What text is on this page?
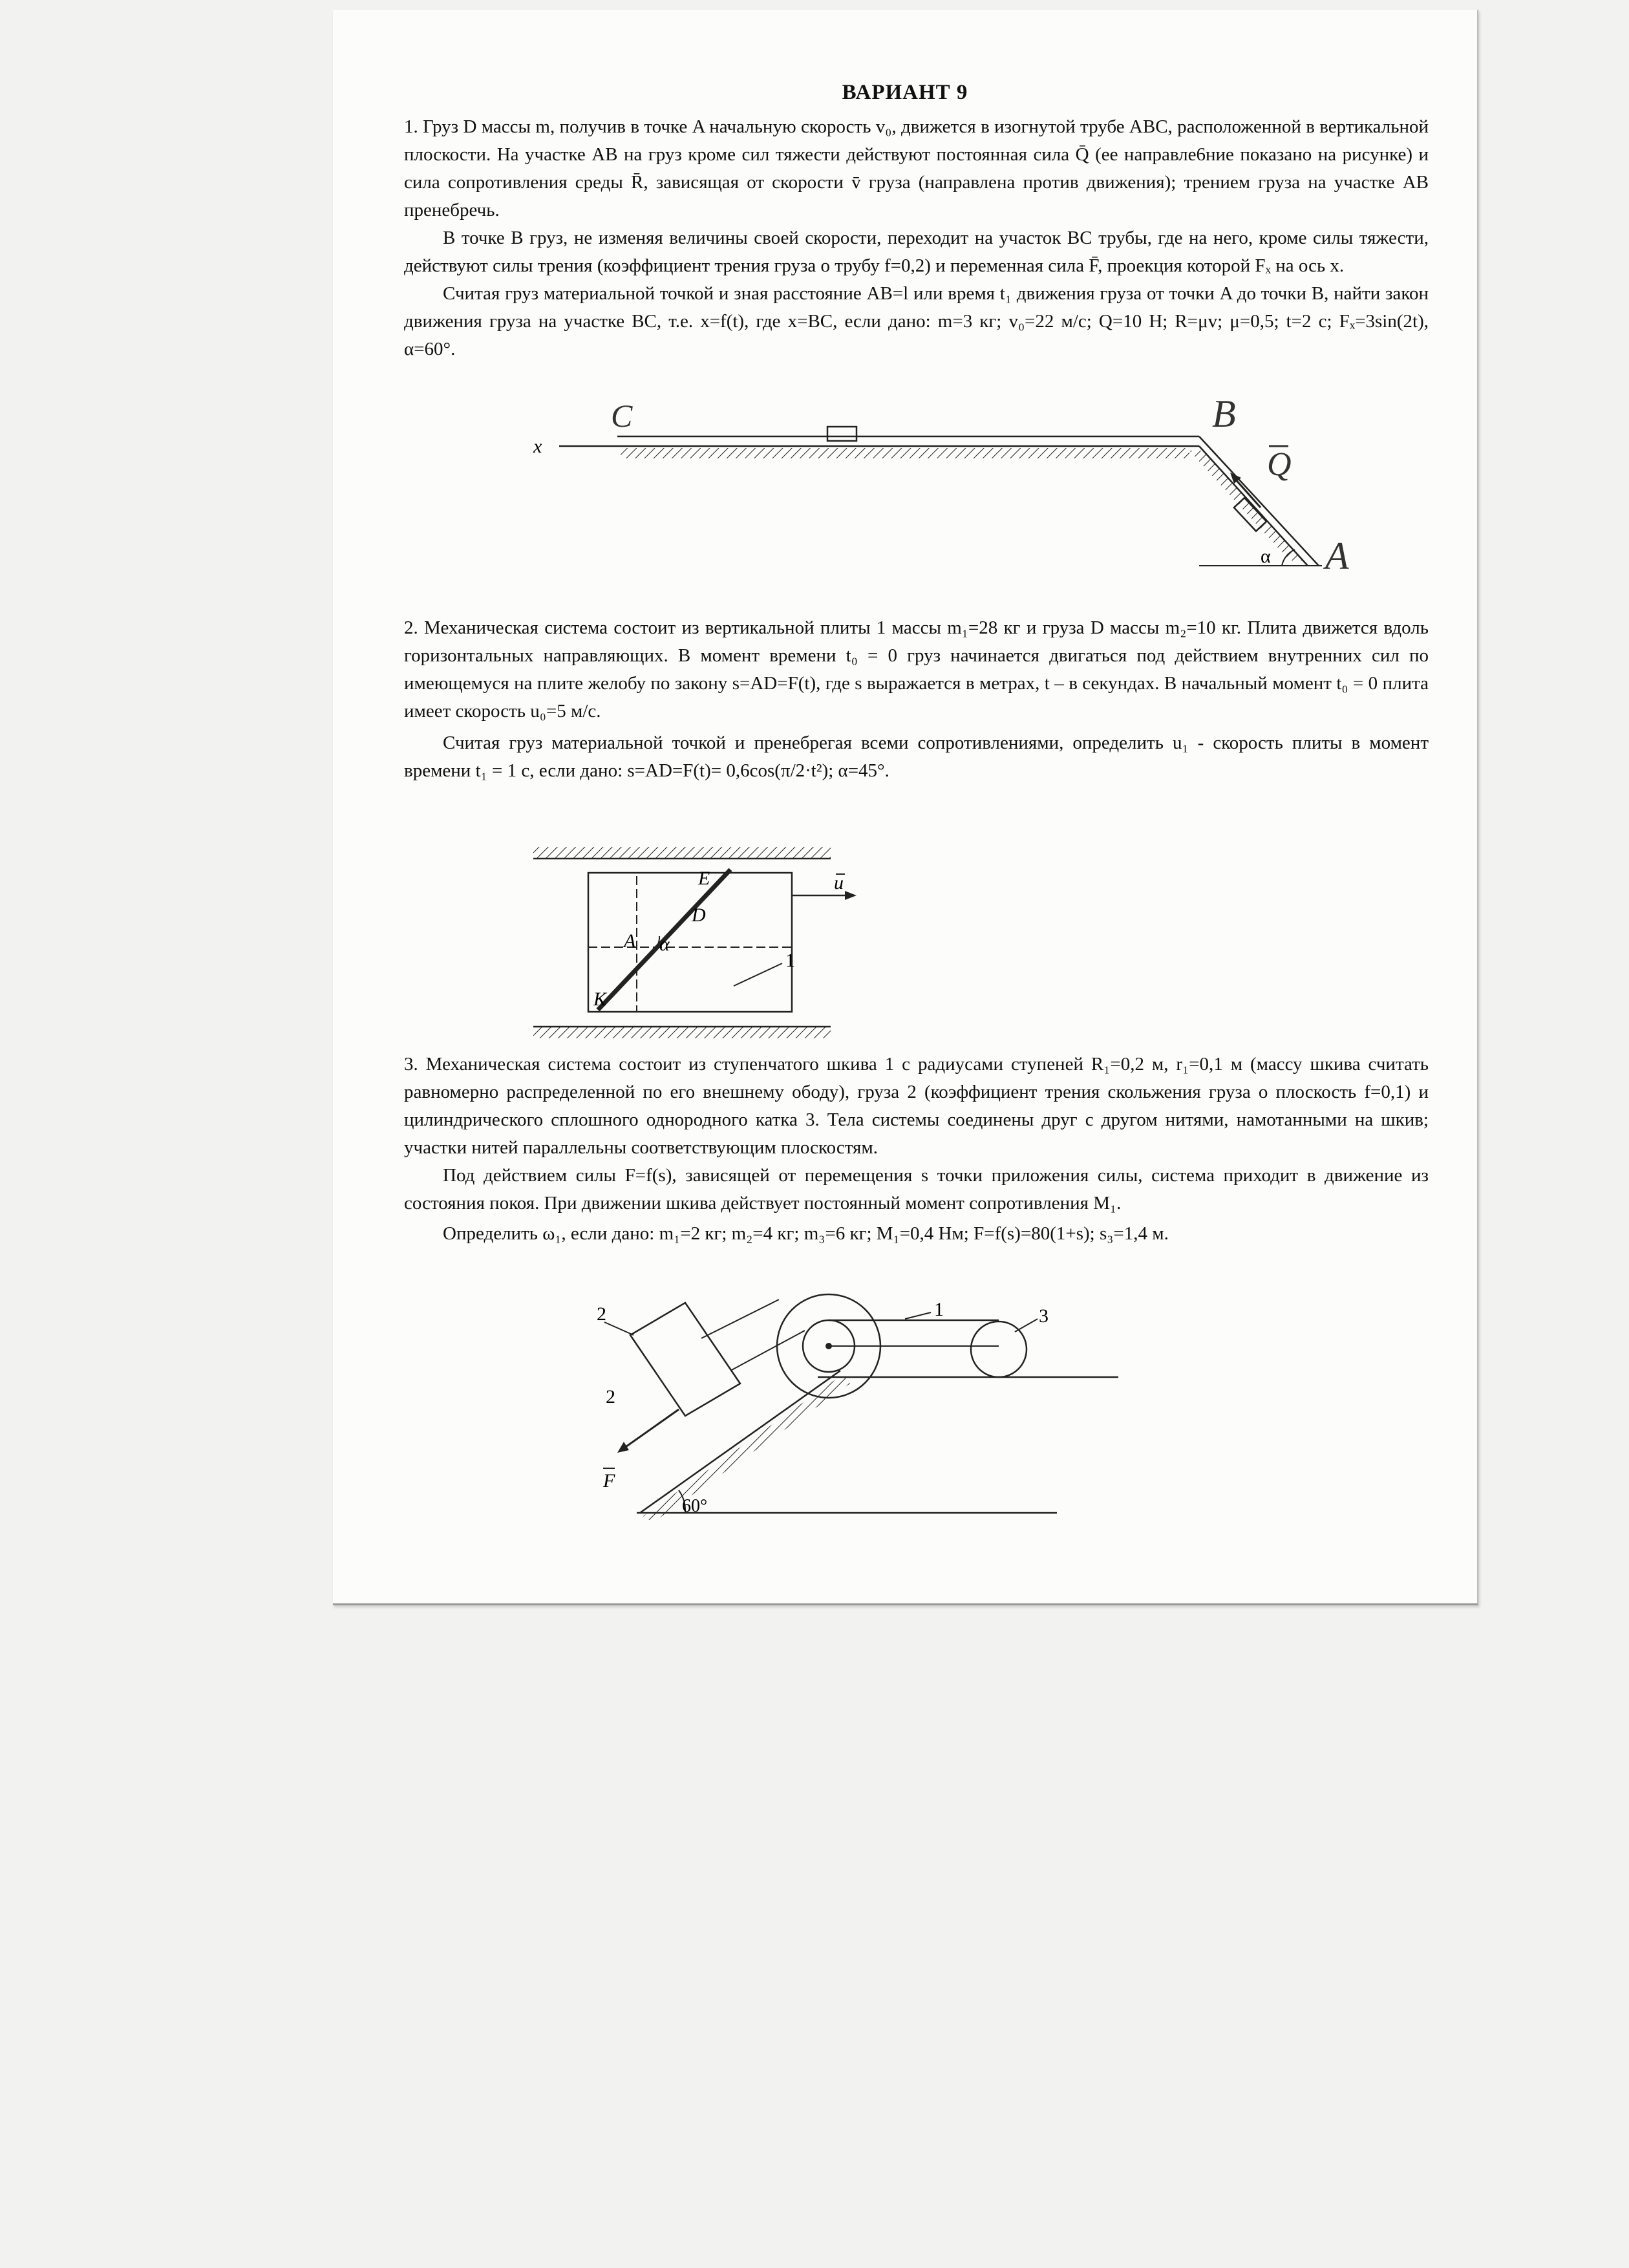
ВАРИАНТ 9

1. Груз D массы m, получив в точке A начальную скорость v₀, движется в изогнутой трубе ABC, расположенной в вертикальной плоскости. На участке AB на груз кроме сил тяжести действуют постоянная сила Q̄ (ее направле6ние показано на рисунке) и сила сопротивления среды R̄, зависящая от скорости v̄ груза (направлена против движения); трением груза на участке AB пренебречь.

В точке B груз, не изменяя величины своей скорости, переходит на участок BC трубы, где на него, кроме силы тяжести, действуют силы трения (коэффициент трения груза о трубу f=0,2) и переменная сила F̄, проекция которой Fₓ на ось x.

Считая груз материальной точкой и зная расстояние AB=l или время t₁ движения груза от точки A до точки B, найти закон движения груза на участке BC, т.е. x=f(t), где x=BC, если дано: m=3 кг; v₀=22 м/с; Q=10 Н; R=μv; μ=0,5; t=2 с; Fₓ=3sin(2t), α=60°.

x
C	B
Q
A
α

2. Механическая система состоит из вертикальной плиты 1 массы m₁=28 кг и груза D массы m₂=10 кг. Плита движется вдоль горизонтальных направляющих. В момент времени t₀ = 0 груз начинается двигаться под действием внутренних сил по имеющемуся на плите желобу по закону s=AD=F(t), где s выражается в метрах, t – в секундах. В начальный момент t₀ = 0 плита имеет скорость u₀=5 м/с.

Считая груз материальной точкой и пренебрегая всеми сопротивлениями, определить u₁ - скорость плиты в момент времени t₁ = 1 с, если дано: s=AD=F(t)= 0,6cos(π/2·t²); α=45°.

E
D
A α
K
1
u

3. Механическая система состоит из ступенчатого шкива 1 с радиусами ступеней R₁=0,2 м, r₁=0,1 м (массу шкива считать равномерно распределенной по его внешнему ободу), груза 2 (коэффициент трения скольжения груза о плоскость f=0,1) и цилиндрического сплошного однородного катка 3. Тела системы соединены друг с другом нитями, намотанными на шкив; участки нитей параллельны соответствующим плоскостям.

Под действием силы F=f(s), зависящей от перемещения s точки приложения силы, система приходит в движение из состояния покоя. При движении шкива действует постоянный момент сопротивления M₁.

Определить ω₁, если дано: m₁=2 кг; m₂=4 кг; m₃=6 кг; M₁=0,4 Нм; F=f(s)=80(1+s); s₃=1,4 м.

2
2
1	3
F
60°
